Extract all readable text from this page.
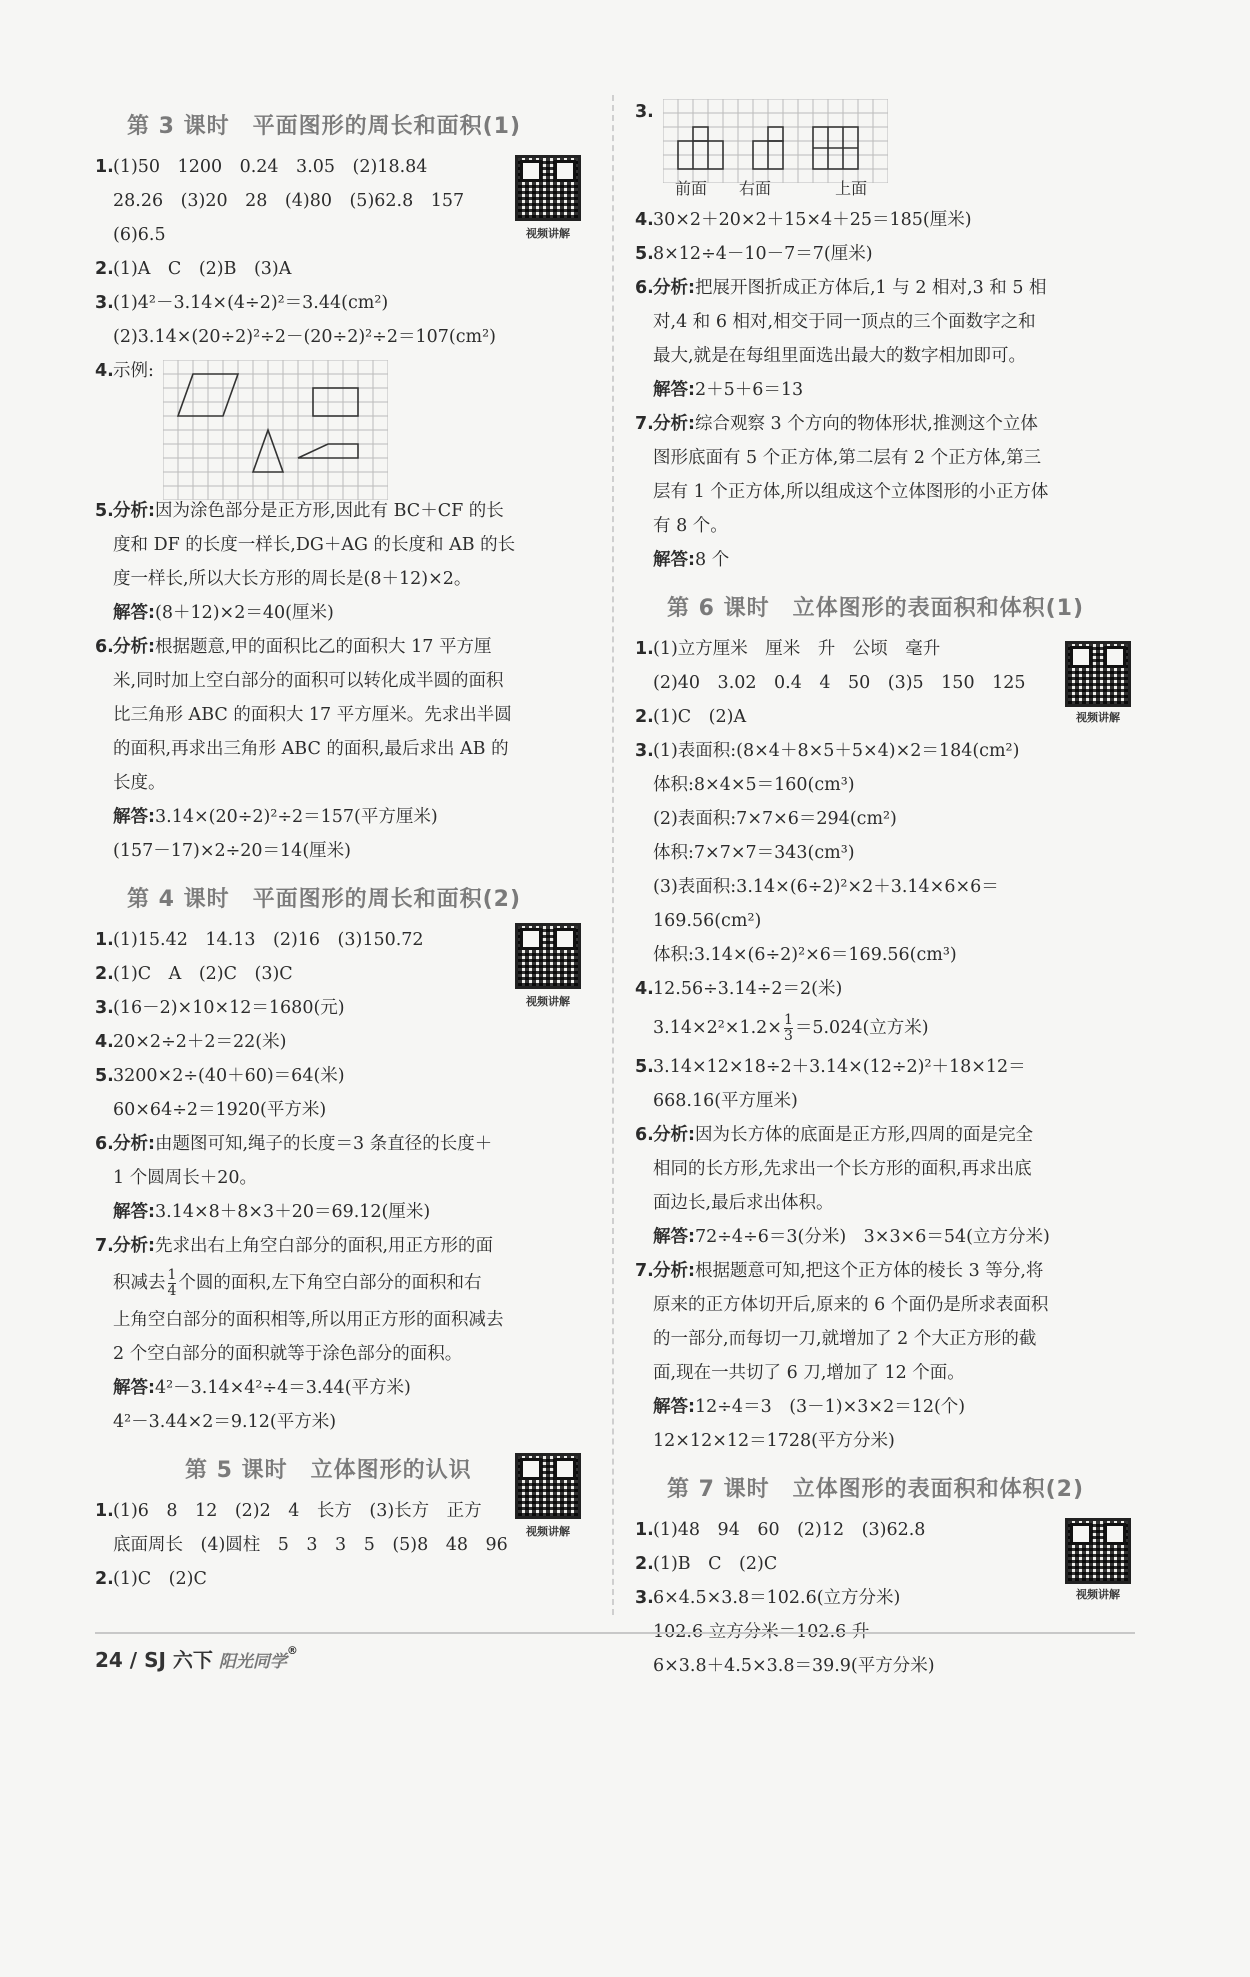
第 3 课时　平面图形的周长和面积(1)
视频讲解
1.(1)50　1200　0.24　3.05　(2)18.84
28.26　(3)20　28　(4)80　(5)62.8　157
(6)6.5
2.(1)A　C　(2)B　(3)A
3.(1)4²－3.14×(4÷2)²＝3.44(cm²)
(2)3.14×(20÷2)²÷2－(20÷2)²÷2＝107(cm²)
4.示例:
5.分析:因为涂色部分是正方形,因此有 BC＋CF 的长
度和 DF 的长度一样长,DG＋AG 的长度和 AB 的长
度一样长,所以大长方形的周长是(8＋12)×2。
解答:(8＋12)×2＝40(厘米)
6.分析:根据题意,甲的面积比乙的面积大 17 平方厘
米,同时加上空白部分的面积可以转化成半圆的面积
比三角形 ABC 的面积大 17 平方厘米。先求出半圆
的面积,再求出三角形 ABC 的面积,最后求出 AB 的
长度。
解答:3.14×(20÷2)²÷2＝157(平方厘米)
(157－17)×2÷20＝14(厘米)
第 4 课时　平面图形的周长和面积(2)
视频讲解
1.(1)15.42　14.13　(2)16　(3)150.72
2.(1)C　A　(2)C　(3)C
3.(16－2)×10×12＝1680(元)
4.20×2÷2＋2＝22(米)
5.3200×2÷(40＋60)＝64(米)
60×64÷2＝1920(平方米)
6.分析:由题图可知,绳子的长度＝3 条直径的长度＋
1 个圆周长＋20。
解答:3.14×8＋8×3＋20＝69.12(厘米)
7.分析:先求出右上角空白部分的面积,用正方形的面
积减去 $\frac{1}{4}$ 个圆的面积,左下角空白部分的面积和右
上角空白部分的面积相等,所以用正方形的面积减去
2 个空白部分的面积就等于涂色部分的面积。
解答:4²－3.14×4²÷4＝3.44(平方米)
4²－3.44×2＝9.12(平方米)
第 5 课时　立体图形的认识
视频讲解
1.(1)6　8　12　(2)2　4　长方　(3)长方　正方
底面周长　(4)圆柱　5　3　3　5　(5)8　48　96
2.(1)C　(2)C
3.
前面　　 右面　　　　	上面
4.30×2＋20×2＋15×4＋25＝185(厘米)
5.8×12÷4－10－7＝7(厘米)
6.分析:把展开图折成正方体后,1 与 2 相对,3 和 5 相
对,4 和 6 相对,相交于同一顶点的三个面数字之和
最大,就是在每组里面选出最大的数字相加即可。
解答:2＋5＋6＝13
7.分析:综合观察 3 个方向的物体形状,推测这个立体
图形底面有 5 个正方体,第二层有 2 个正方体,第三
层有 1 个正方体,所以组成这个立体图形的小正方体
有 8 个。
解答:8 个
第 6 课时　立体图形的表面积和体积(1)
视频讲解
1.(1)立方厘米　厘米　升　公顷　毫升
(2)40　3.02　0.4　4　50　(3)5　150　125
2.(1)C　(2)A
3.(1)表面积:(8×4＋8×5＋5×4)×2＝184(cm²)
体积:8×4×5＝160(cm³)
(2)表面积:7×7×6＝294(cm²)
体积:7×7×7＝343(cm³)
(3)表面积:3.14×(6÷2)²×2＋3.14×6×6＝
169.56(cm²)
体积:3.14×(6÷2)²×6＝169.56(cm³)
4.12.56÷3.14÷2＝2(米)
$3.14\times 2^2\times 1.2\times \frac{1}{3} =5.024$(立方米)
5.3.14×12×18÷2＋3.14×(12÷2)²＋18×12＝
668.16(平方厘米)
6.分析:因为长方体的底面是正方形,四周的面是完全
相同的长方形,先求出一个长方形的面积,再求出底
面边长,最后求出体积。
解答:72÷4÷6＝3(分米)　3×3×6＝54(立方分米)
7.分析:根据题意可知,把这个正方体的棱长 3 等分,将
原来的正方体切开后,原来的 6 个面仍是所求表面积
的一部分,而每切一刀,就增加了 2 个大正方形的截
面,现在一共切了 6 刀,增加了 12 个面。
解答:12÷4＝3　(3－1)×3×2＝12(个)
12×12×12＝1728(平方分米)
第 7 课时　立体图形的表面积和体积(2)
视频讲解
1.(1)48　94　60　(2)12　(3)62.8
2.(1)B　C　(2)C
3.6×4.5×3.8＝102.6(立方分米)
102.6 立方分米＝102.6 升
6×3.8＋4.5×3.8＝39.9(平方分米)
24 / SJ 六下 阳光同学®
